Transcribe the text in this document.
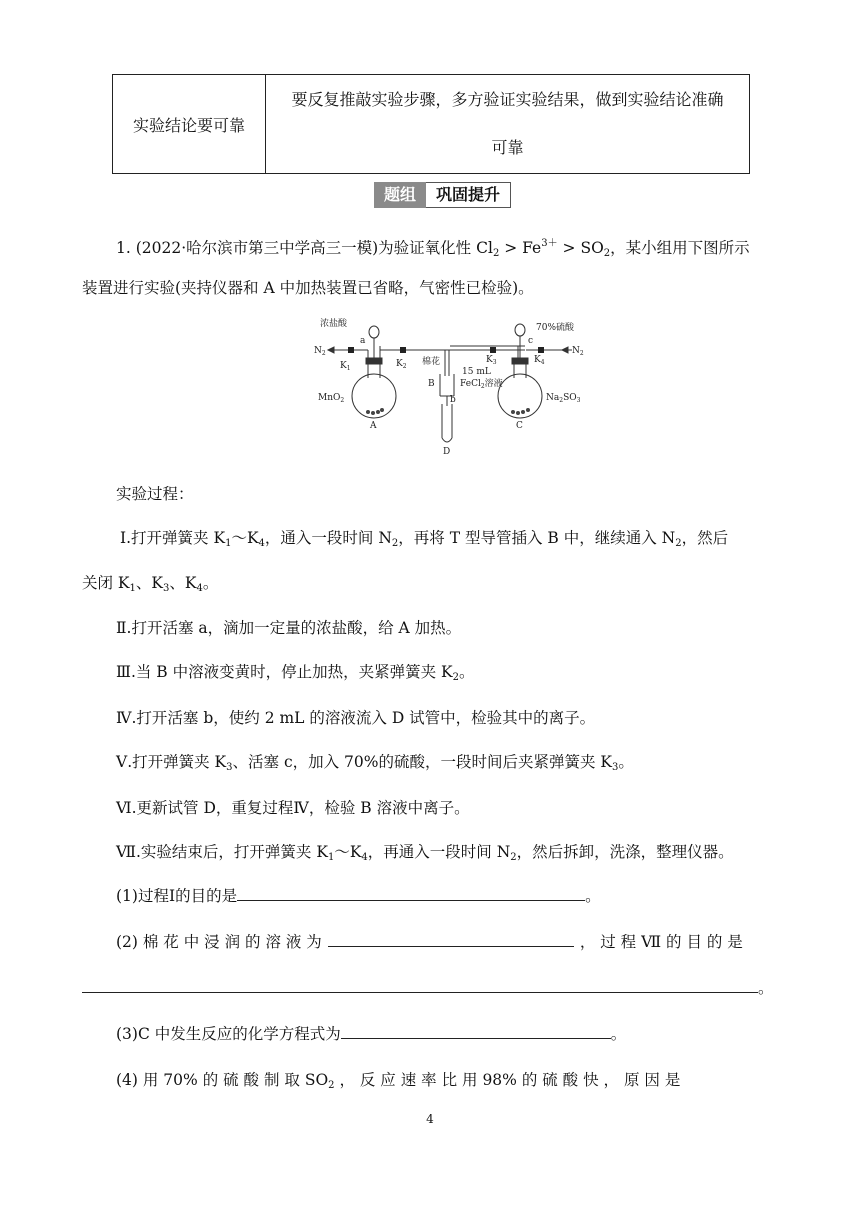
实验结论要可靠	要反复推敲实验步骤，多方验证实验结果，做到实验结论准确
可靠
题组	巩固提升
1. (2022·哈尔滨市第三中学高三一模)为验证氧化性 $Cl_2 > Fe^{3+} > SO_2$，某小组用下图所示
装置进行实验(夹持仪器和 A 中加热装置已省略，气密性已检验)。
浓盐酸	70%硫酸
$N_2$	$N_2$
a	c
b
$K_1$	$K_2$
$K_3$	$K_4$
棉花
15 mL
B	FeCl$_2$溶液
MnO$_2$	$Na_2SO_3$
A	C
D
实验过程：
Ⅰ.打开弹簧夹 $K_1\sim K_4$，通入一段时间 $N_2$，再将 T 型导管插入 B 中，继续通入 $N_2$，然后
关闭 $K_1$、$K_3$、$K_4$。
Ⅱ.打开活塞 a，滴加一定量的浓盐酸，给 A 加热。
Ⅲ.当 B 中溶液变黄时，停止加热，夹紧弹簧夹 $K_2$。
Ⅳ.打开活塞 b，使约 2 mL 的溶液流入 D 试管中，检验其中的离子。
Ⅴ.打开弹簧夹 $K_3$、活塞 c，加入 70%的硫酸，一段时间后夹紧弹簧夹 $K_3$。
Ⅵ.更新试管 D，重复过程Ⅳ，检验 B 溶液中离子。
Ⅶ.实验结束后，打开弹簧夹 $K_1\sim K_4$，再通入一段时间 $N_2$，然后拆卸，洗涤，整理仪器。
(1)过程Ⅰ的目的是	。
(2) 棉 花 中 浸 润 的 溶 液 为	， 过 程 Ⅶ 的 目 的 是
。
(3)C 中发生反应的化学方程式为	。
(4) 用 70% 的 硫 酸 制 取 $SO_2$ ， 反 应 速 率 比 用 98% 的 硫 酸 快 ， 原 因 是
4
